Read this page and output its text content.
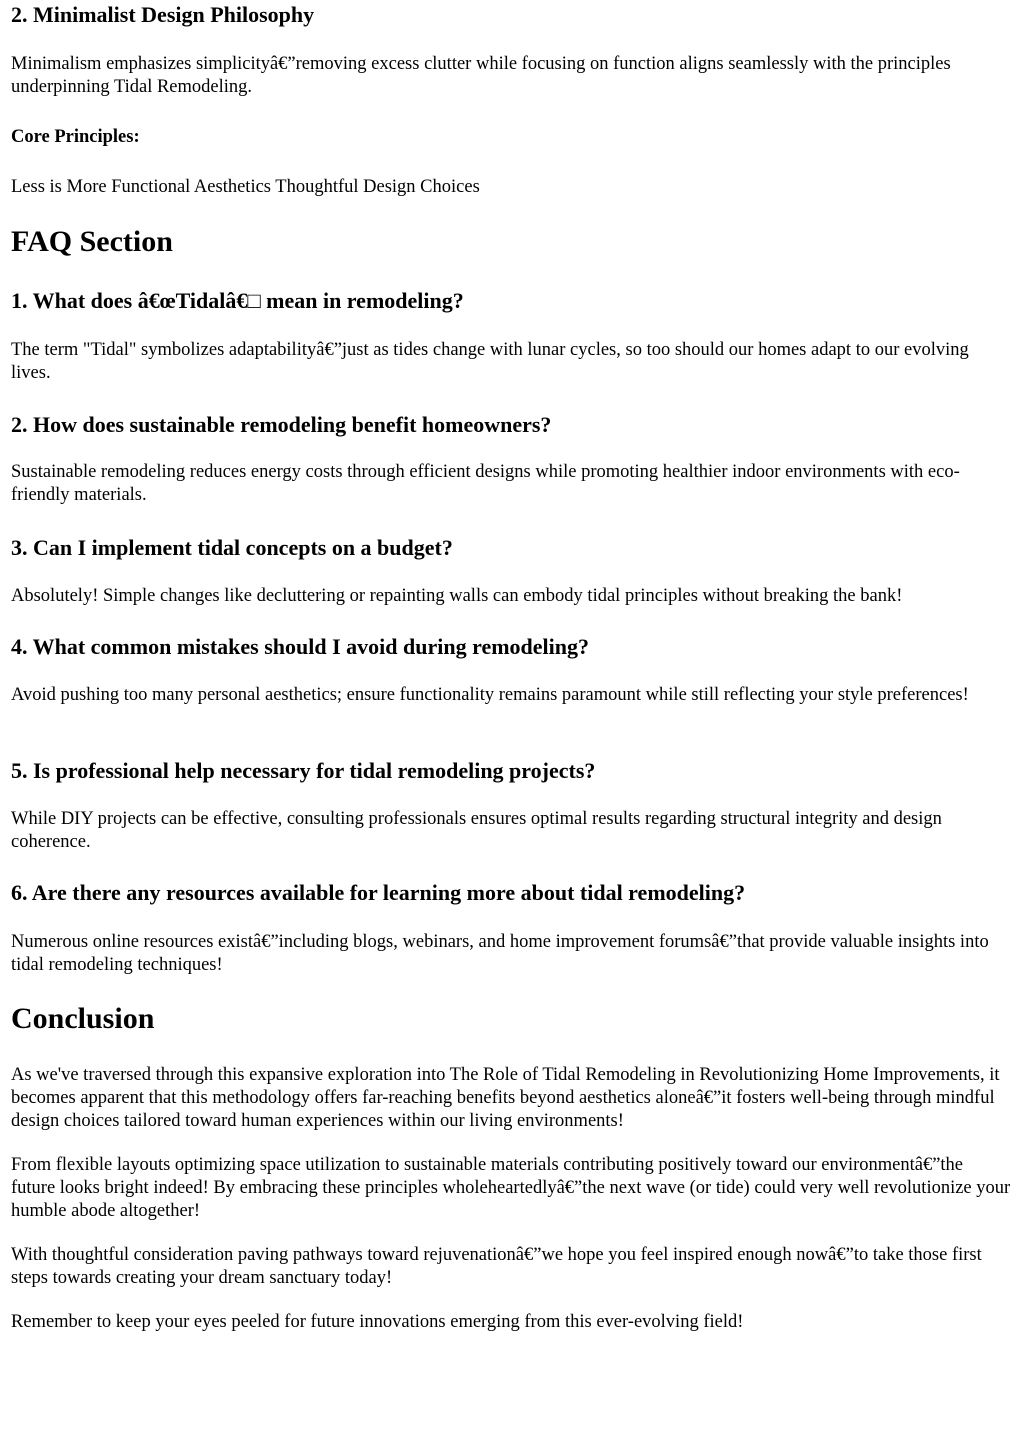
2. Minimalist Design Philosophy

Minimalism emphasizes simplicityâ€”removing excess clutter while focusing on function aligns seamlessly with the principles underpinning Tidal Remodeling.

Core Principles:

Less is More Functional Aesthetics Thoughtful Design Choices

FAQ Section
1. What does â€œTidalâ€□ mean in remodeling?

The term "Tidal" symbolizes adaptabilityâ€”just as tides change with lunar cycles, so too should our homes adapt to our evolving lives.

2. How does sustainable remodeling benefit homeowners?

Sustainable remodeling reduces energy costs through efficient designs while promoting healthier indoor environments with eco-friendly materials.

3. Can I implement tidal concepts on a budget?

Absolutely! Simple changes like decluttering or repainting walls can embody tidal principles without breaking the bank!

4. What common mistakes should I avoid during remodeling?

Avoid pushing too many personal aesthetics; ensure functionality remains paramount while still reflecting your style preferences!

5. Is professional help necessary for tidal remodeling projects?

While DIY projects can be effective, consulting professionals ensures optimal results regarding structural integrity and design coherence.

6. Are there any resources available for learning more about tidal remodeling?

Numerous online resources existâ€”including blogs, webinars, and home improvement forumsâ€”that provide valuable insights into tidal remodeling techniques!

Conclusion

As we've traversed through this expansive exploration into The Role of Tidal Remodeling in Revolutionizing Home Improvements, it becomes apparent that this methodology offers far-reaching benefits beyond aesthetics aloneâ€”it fosters well-being through mindful design choices tailored toward human experiences within our living environments!

From flexible layouts optimizing space utilization to sustainable materials contributing positively toward our environmentâ€”the future looks bright indeed! By embracing these principles wholeheartedlyâ€”the next wave (or tide) could very well revolutionize your humble abode altogether!

With thoughtful consideration paving pathways toward rejuvenationâ€”we hope you feel inspired enough nowâ€”to take those first steps towards creating your dream sanctuary today!

Remember to keep your eyes peeled for future innovations emerging from this ever-evolving field!
